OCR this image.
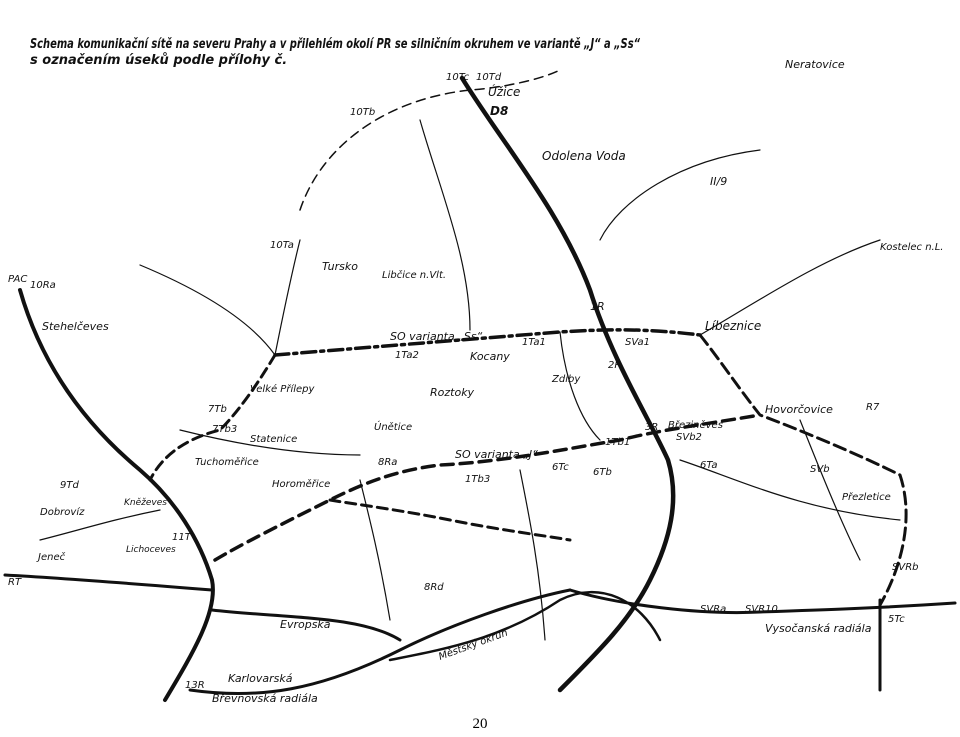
Schema komunikační sítě na severu Prahy a v přilehlém okolí PR se silničním okruhem ve variantě „J“ a „Ss“
s označením úseků podle přílohy č.
Úžice
Odolena Voda
Neratovice
Kostelec n.L.
Tursko
Libčice n.Vlt.
Líbeznice
Stehelčeves
Kocany
Roztoky
Velké Přílepy
Statenice
Tuchoměřice
Horoměřice
Únětice
Zdiby
Březiněves
Hovorčovice
Přezletice
Dobrovíz
Kněževes
Lichoceves
Jeneč
Evropská	Vysočanská radiála
Karlovarská
Břevnovská radiála
Městský okruh
10Td
10Tc
D8
10Tb
II/9
10Ta
1R
SO varianta „Ss“	SVa1
1Ta1
1Ta2
2R
3R
SO varianta „J“
1Tb1
1Tb3
6Ta
6Tb
6Tc	SVb
SVb2
7Tb
7Tb3
8Ra
8Rd
9Td
10Ra
11T
13R
5Tc
SVR10
SVRa
SVRb
PAC
RT
R7
20
